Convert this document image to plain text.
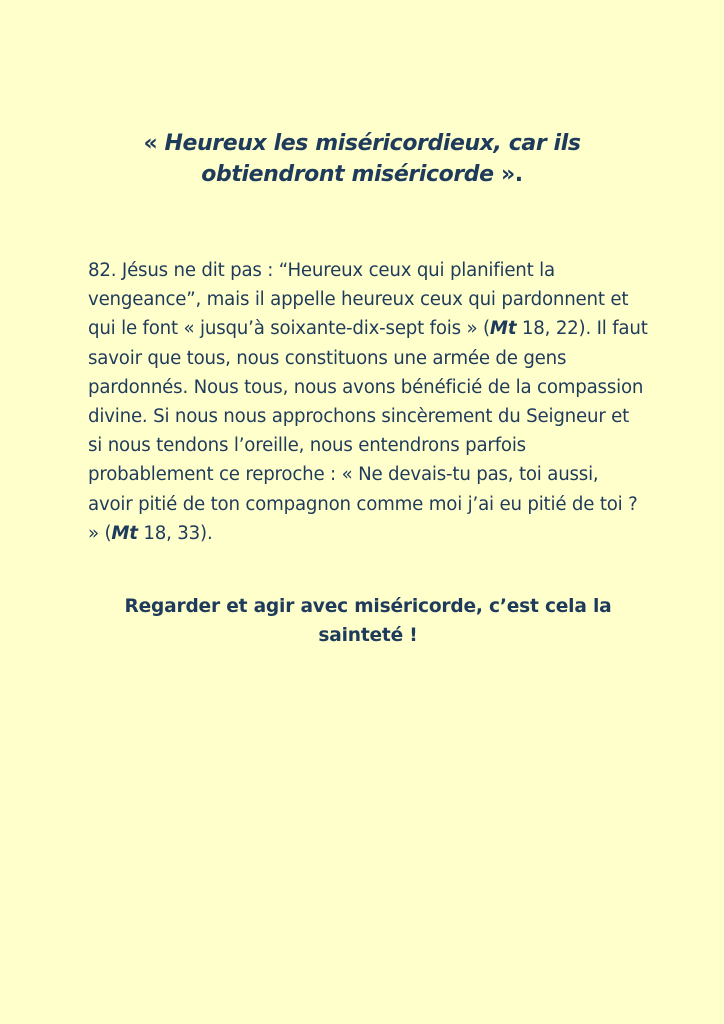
« Heureux les miséricordieux, car ils obtiendront miséricorde ».

82. Jésus ne dit pas : “Heureux ceux qui planifient la vengeance”, mais il appelle heureux ceux qui pardonnent et qui le font « jusqu’à soixante-dix-sept fois » (Mt 18, 22). Il faut savoir que tous, nous constituons une armée de gens pardonnés. Nous tous, nous avons bénéficié de la compassion divine. Si nous nous approchons sincèrement du Seigneur et si nous tendons l’oreille, nous entendrons parfois probablement ce reproche : « Ne devais-tu pas, toi aussi, avoir pitié de ton compagnon comme moi j’ai eu pitié de toi ? » (Mt 18, 33).

Regarder et agir avec miséricorde, c’est cela la sainteté !
